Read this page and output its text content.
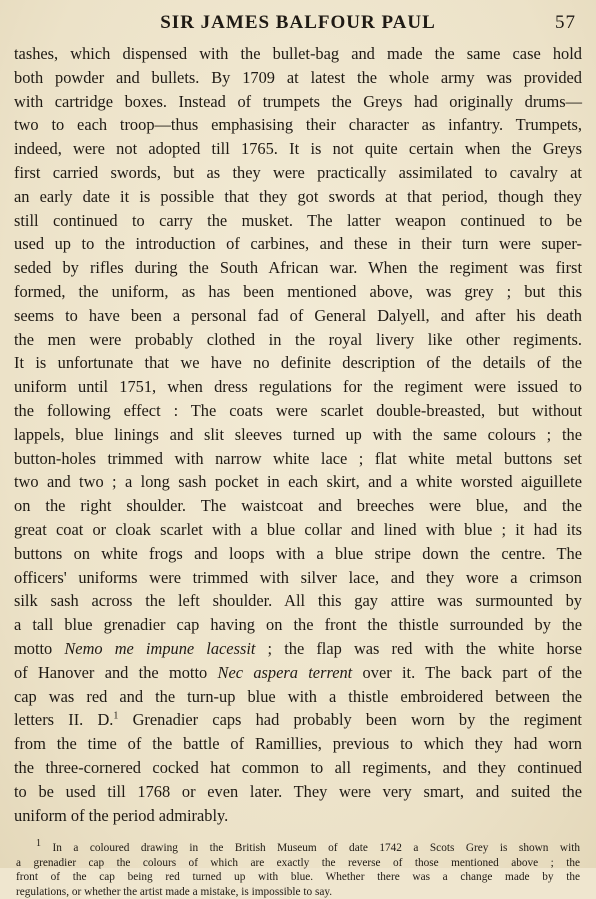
SIR JAMES BALFOUR PAUL	57
tashes, which dispensed with the bullet-bag and made the same case hold
both powder and bullets. By 1709 at latest the whole army was provided
with cartridge boxes. Instead of trumpets the Greys had originally drums—
two to each troop—thus emphasising their character as infantry. Trumpets,
indeed, were not adopted till 1765. It is not quite certain when the Greys
first carried swords, but as they were practically assimilated to cavalry at
an early date it is possible that they got swords at that period, though they
still continued to carry the musket. The latter weapon continued to be
used up to the introduction of carbines, and these in their turn were super-
seded by rifles during the South African war. When the regiment was first
formed, the uniform, as has been mentioned above, was grey ; but this
seems to have been a personal fad of General Dalyell, and after his death
the men were probably clothed in the royal livery like other regiments.
It is unfortunate that we have no definite description of the details of the
uniform until 1751, when dress regulations for the regiment were issued to
the following effect : The coats were scarlet double-breasted, but without
lappels, blue linings and slit sleeves turned up with the same colours ; the
button-holes trimmed with narrow white lace ; flat white metal buttons set
two and two ; a long sash pocket in each skirt, and a white worsted aiguillete
on the right shoulder. The waistcoat and breeches were blue, and the
great coat or cloak scarlet with a blue collar and lined with blue ; it had its
buttons on white frogs and loops with a blue stripe down the centre. The
officers' uniforms were trimmed with silver lace, and they wore a crimson
silk sash across the left shoulder. All this gay attire was surmounted by
a tall blue grenadier cap having on the front the thistle surrounded by the
motto Nemo me impune lacessit ; the flap was red with the white horse
of Hanover and the motto Nec aspera terrent over it. The back part of the
cap was red and the turn-up blue with a thistle embroidered between the
letters II. D.$^1$ Grenadier caps had probably been worn by the regiment
from the time of the battle of Ramillies, previous to which they had worn
the three-cornered cocked hat common to all regiments, and they continued
to be used till 1768 or even later. They were very smart, and suited the
uniform of the period admirably.
$^1$ In a coloured drawing in the British Museum of date 1742 a Scots Grey is shown with
a grenadier cap the colours of which are exactly the reverse of those mentioned above ; the
front of the cap being red turned up with blue. Whether there was a change made by the
regulations, or whether the artist made a mistake, is impossible to say.
